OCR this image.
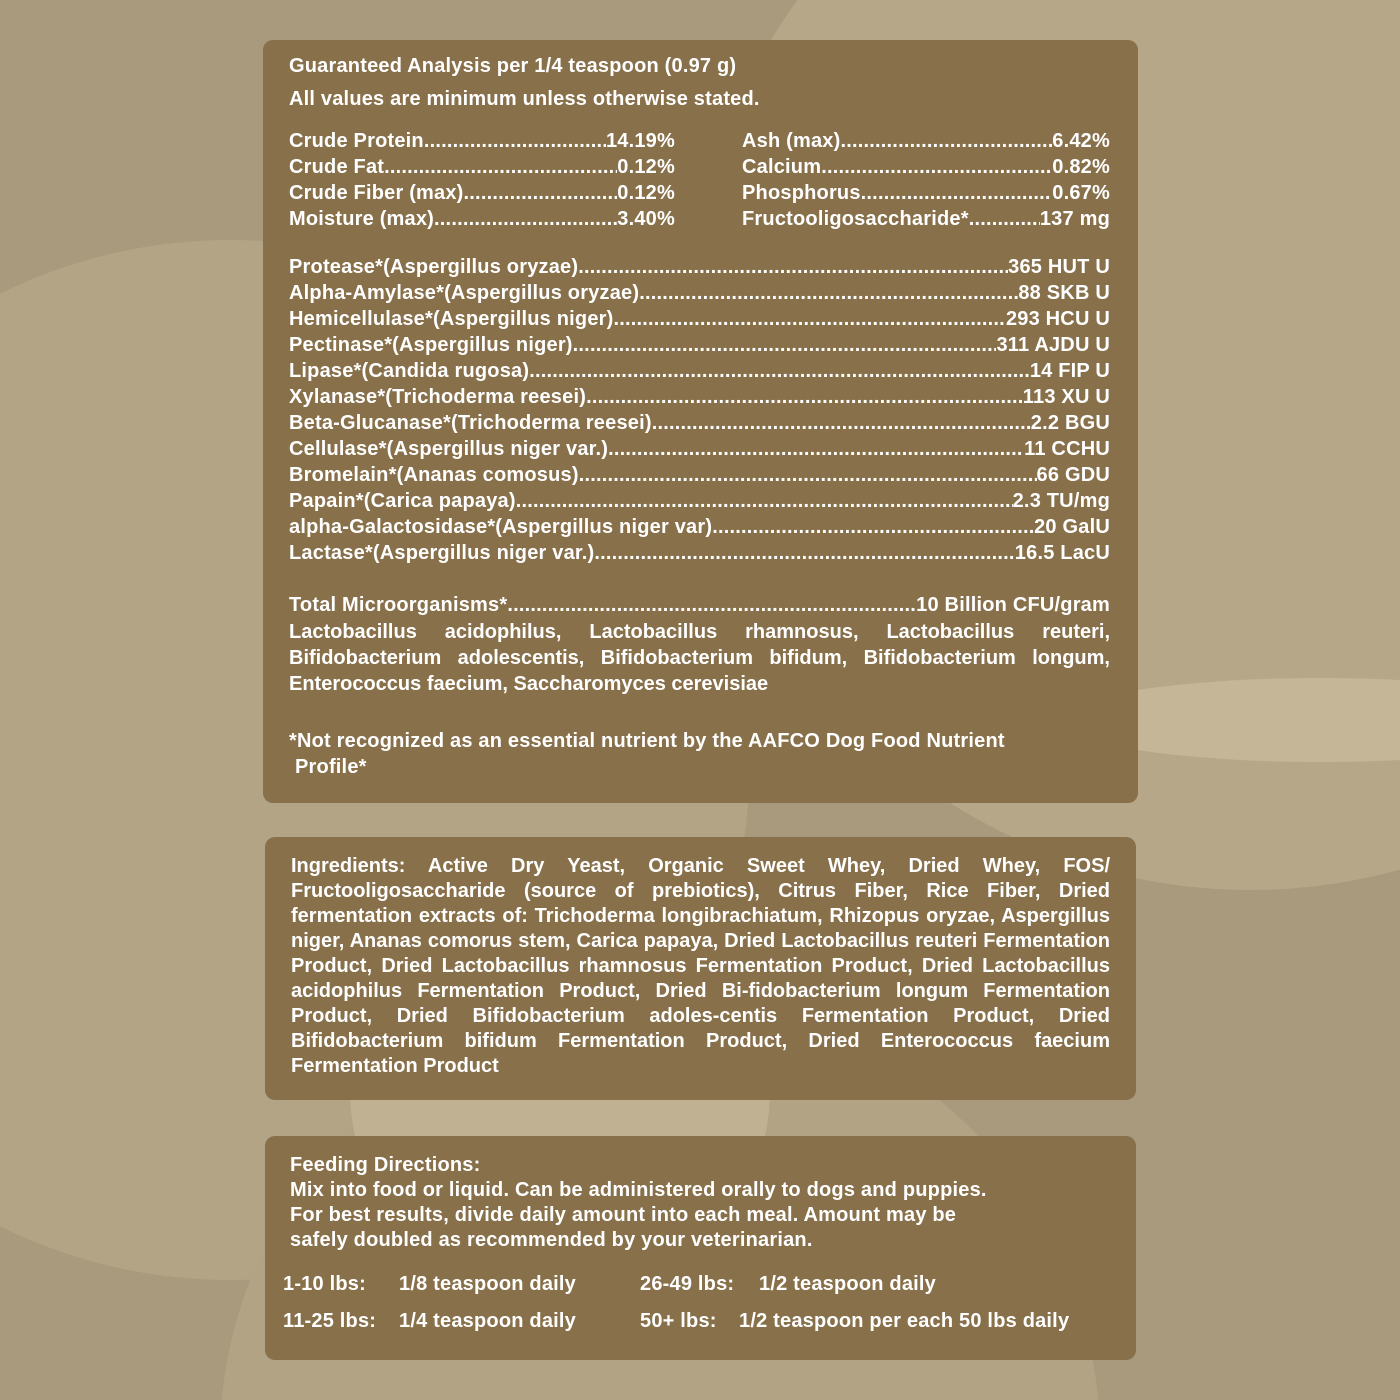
Guaranteed Analysis per 1/4 teaspoon (0.97 g)
All values are minimum unless otherwise stated.
Crude Protein .....	14.19%
Crude Fat .....	0.12%
Crude Fiber (max) .....	0.12%
Moisture (max) .....	3.40%
Ash (max) .....	6.42%
Calcium .....	0.82%
Phosphorus .....	0.67%
Fructooligosaccharide* .....	137 mg
Protease*(Aspergillus oryzae) .....	365 HUT U
Alpha-Amylase*(Aspergillus oryzae) .....	88 SKB U
Hemicellulase*(Aspergillus niger) .....	293 HCU U
Pectinase*(Aspergillus niger) .....	311 AJDU U
Lipase*(Candida rugosa) .....	14 FIP U
Xylanase*(Trichoderma reesei) .....	113 XU U
Beta-Glucanase*(Trichoderma reesei) .....	2.2 BGU
Cellulase*(Aspergillus niger var.) .....	11 CCHU
Bromelain*(Ananas comosus) .....	66 GDU
Papain*(Carica papaya) .....	2.3 TU/mg
alpha-Galactosidase*(Aspergillus niger var) .....	20 GalU
Lactase*(Aspergillus niger var.) .....	16.5 LacU
Total Microorganisms* .....	10 Billion CFU/gram
Lactobacillus acidophilus, Lactobacillus rhamnosus, Lactobacillus reuteri, Bifidobacterium adolescentis, Bifidobacterium bifidum, Bifidobacterium longum, Enterococcus faecium, Saccharomyces cerevisiae
*Not recognized as an essential nutrient by the AAFCO Dog Food Nutrient
Profile*
Ingredients: Active Dry Yeast, Organic Sweet Whey, Dried Whey, FOS/ Fructooligosaccharide (source of prebiotics), Citrus Fiber, Rice Fiber, Dried fermentation extracts of: Trichoderma longibrachiatum, Rhizopus oryzae, Aspergillus niger, Ananas comorus stem, Carica papaya, Dried Lactobacillus reuteri Fermentation Product, Dried Lactobacillus rhamnosus Fermentation Product, Dried Lactobacillus acidophilus Fermentation Product, Dried Bi-fidobacterium longum Fermentation Product, Dried Bifidobacterium adoles-centis Fermentation Product, Dried Bifidobacterium bifidum Fermentation Product, Dried Enterococcus faecium Fermentation Product
Feeding Directions:
Mix into food or liquid. Can be administered orally to dogs and puppies.
For best results, divide daily amount into each meal. Amount may be
safely doubled as recommended by your veterinarian.
1-10 lbs: 1/8 teaspoon daily	26-49 lbs: 1/2 teaspoon daily
11-25 lbs: 1/4 teaspoon daily	50+ lbs: 1/2 teaspoon per each 50 lbs daily
